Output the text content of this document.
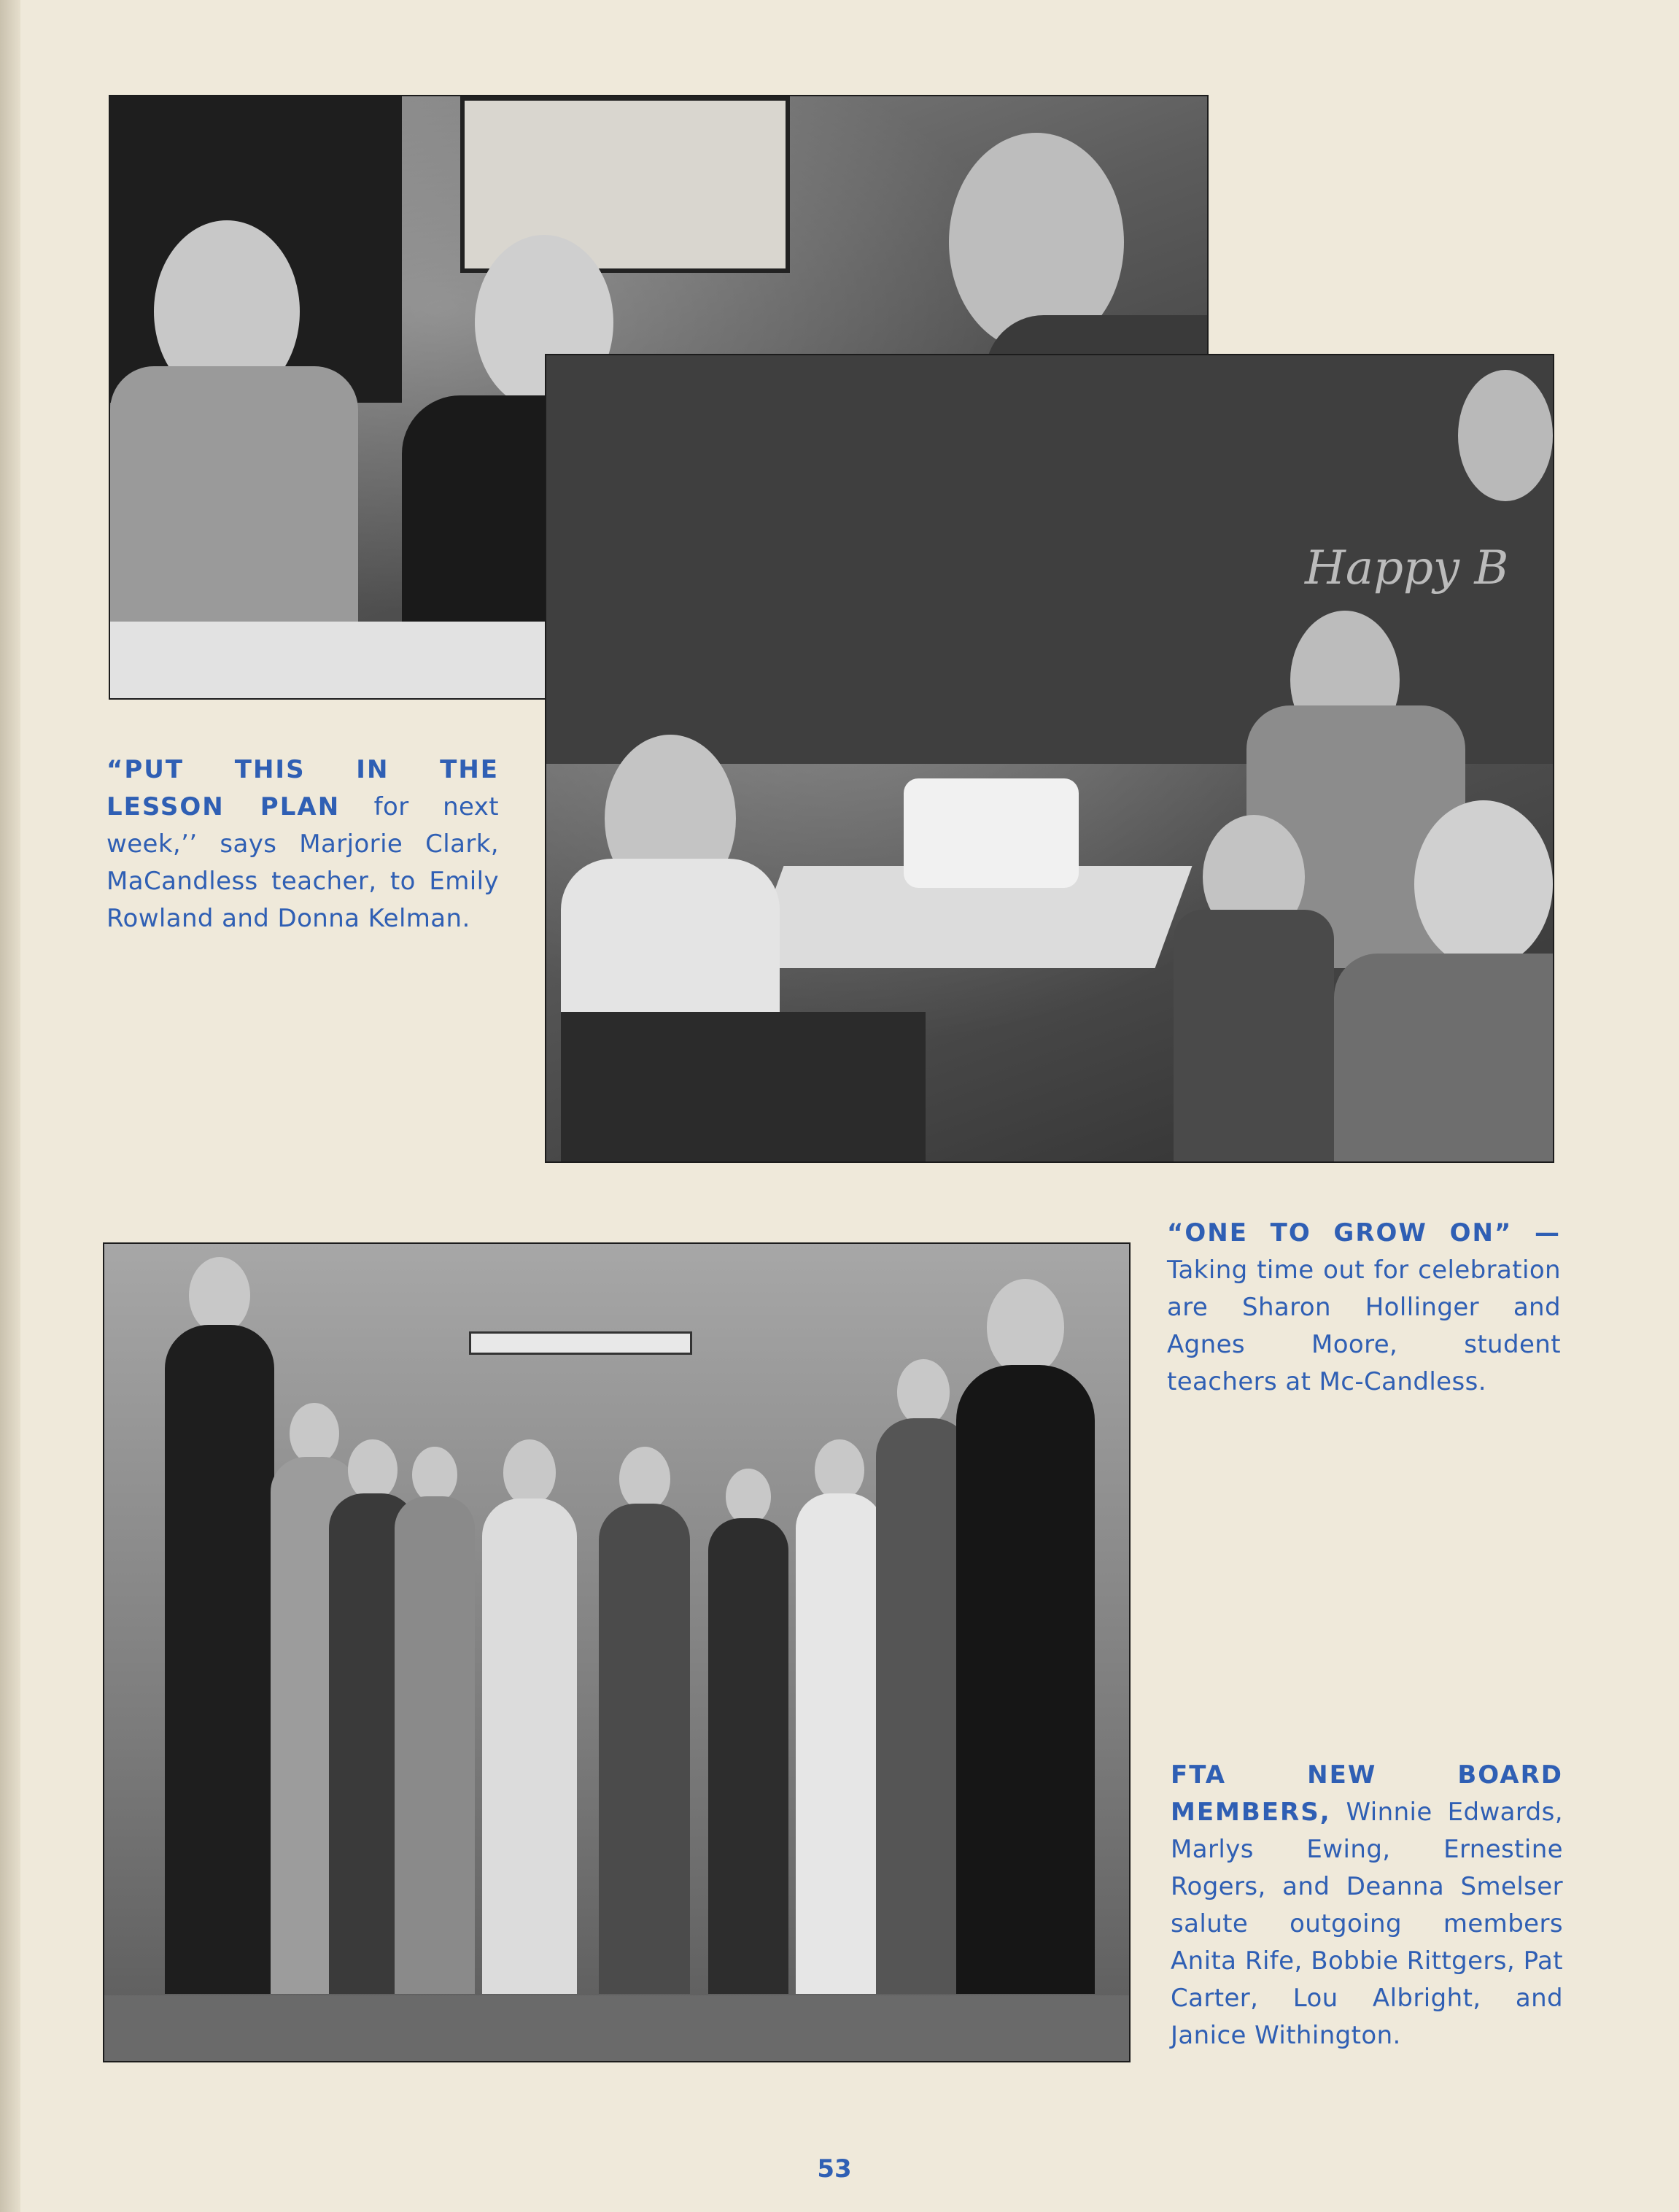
Happy B
“PUT THIS IN THE LESSON PLAN for next week,’’ says Marjorie Clark, MaCandless teacher, to Emily Rowland and Donna Kelman.
“ONE TO GROW ON” — Taking time out for celebration are Sharon Hollinger and Agnes Moore, student teachers at Mc-Candless.
FTA NEW BOARD MEMBERS, Winnie Edwards, Marlys Ewing, Ernestine Rogers, and Deanna Smelser salute outgoing members Anita Rife, Bobbie Rittgers, Pat Carter, Lou Albright, and Janice Withington.
53
